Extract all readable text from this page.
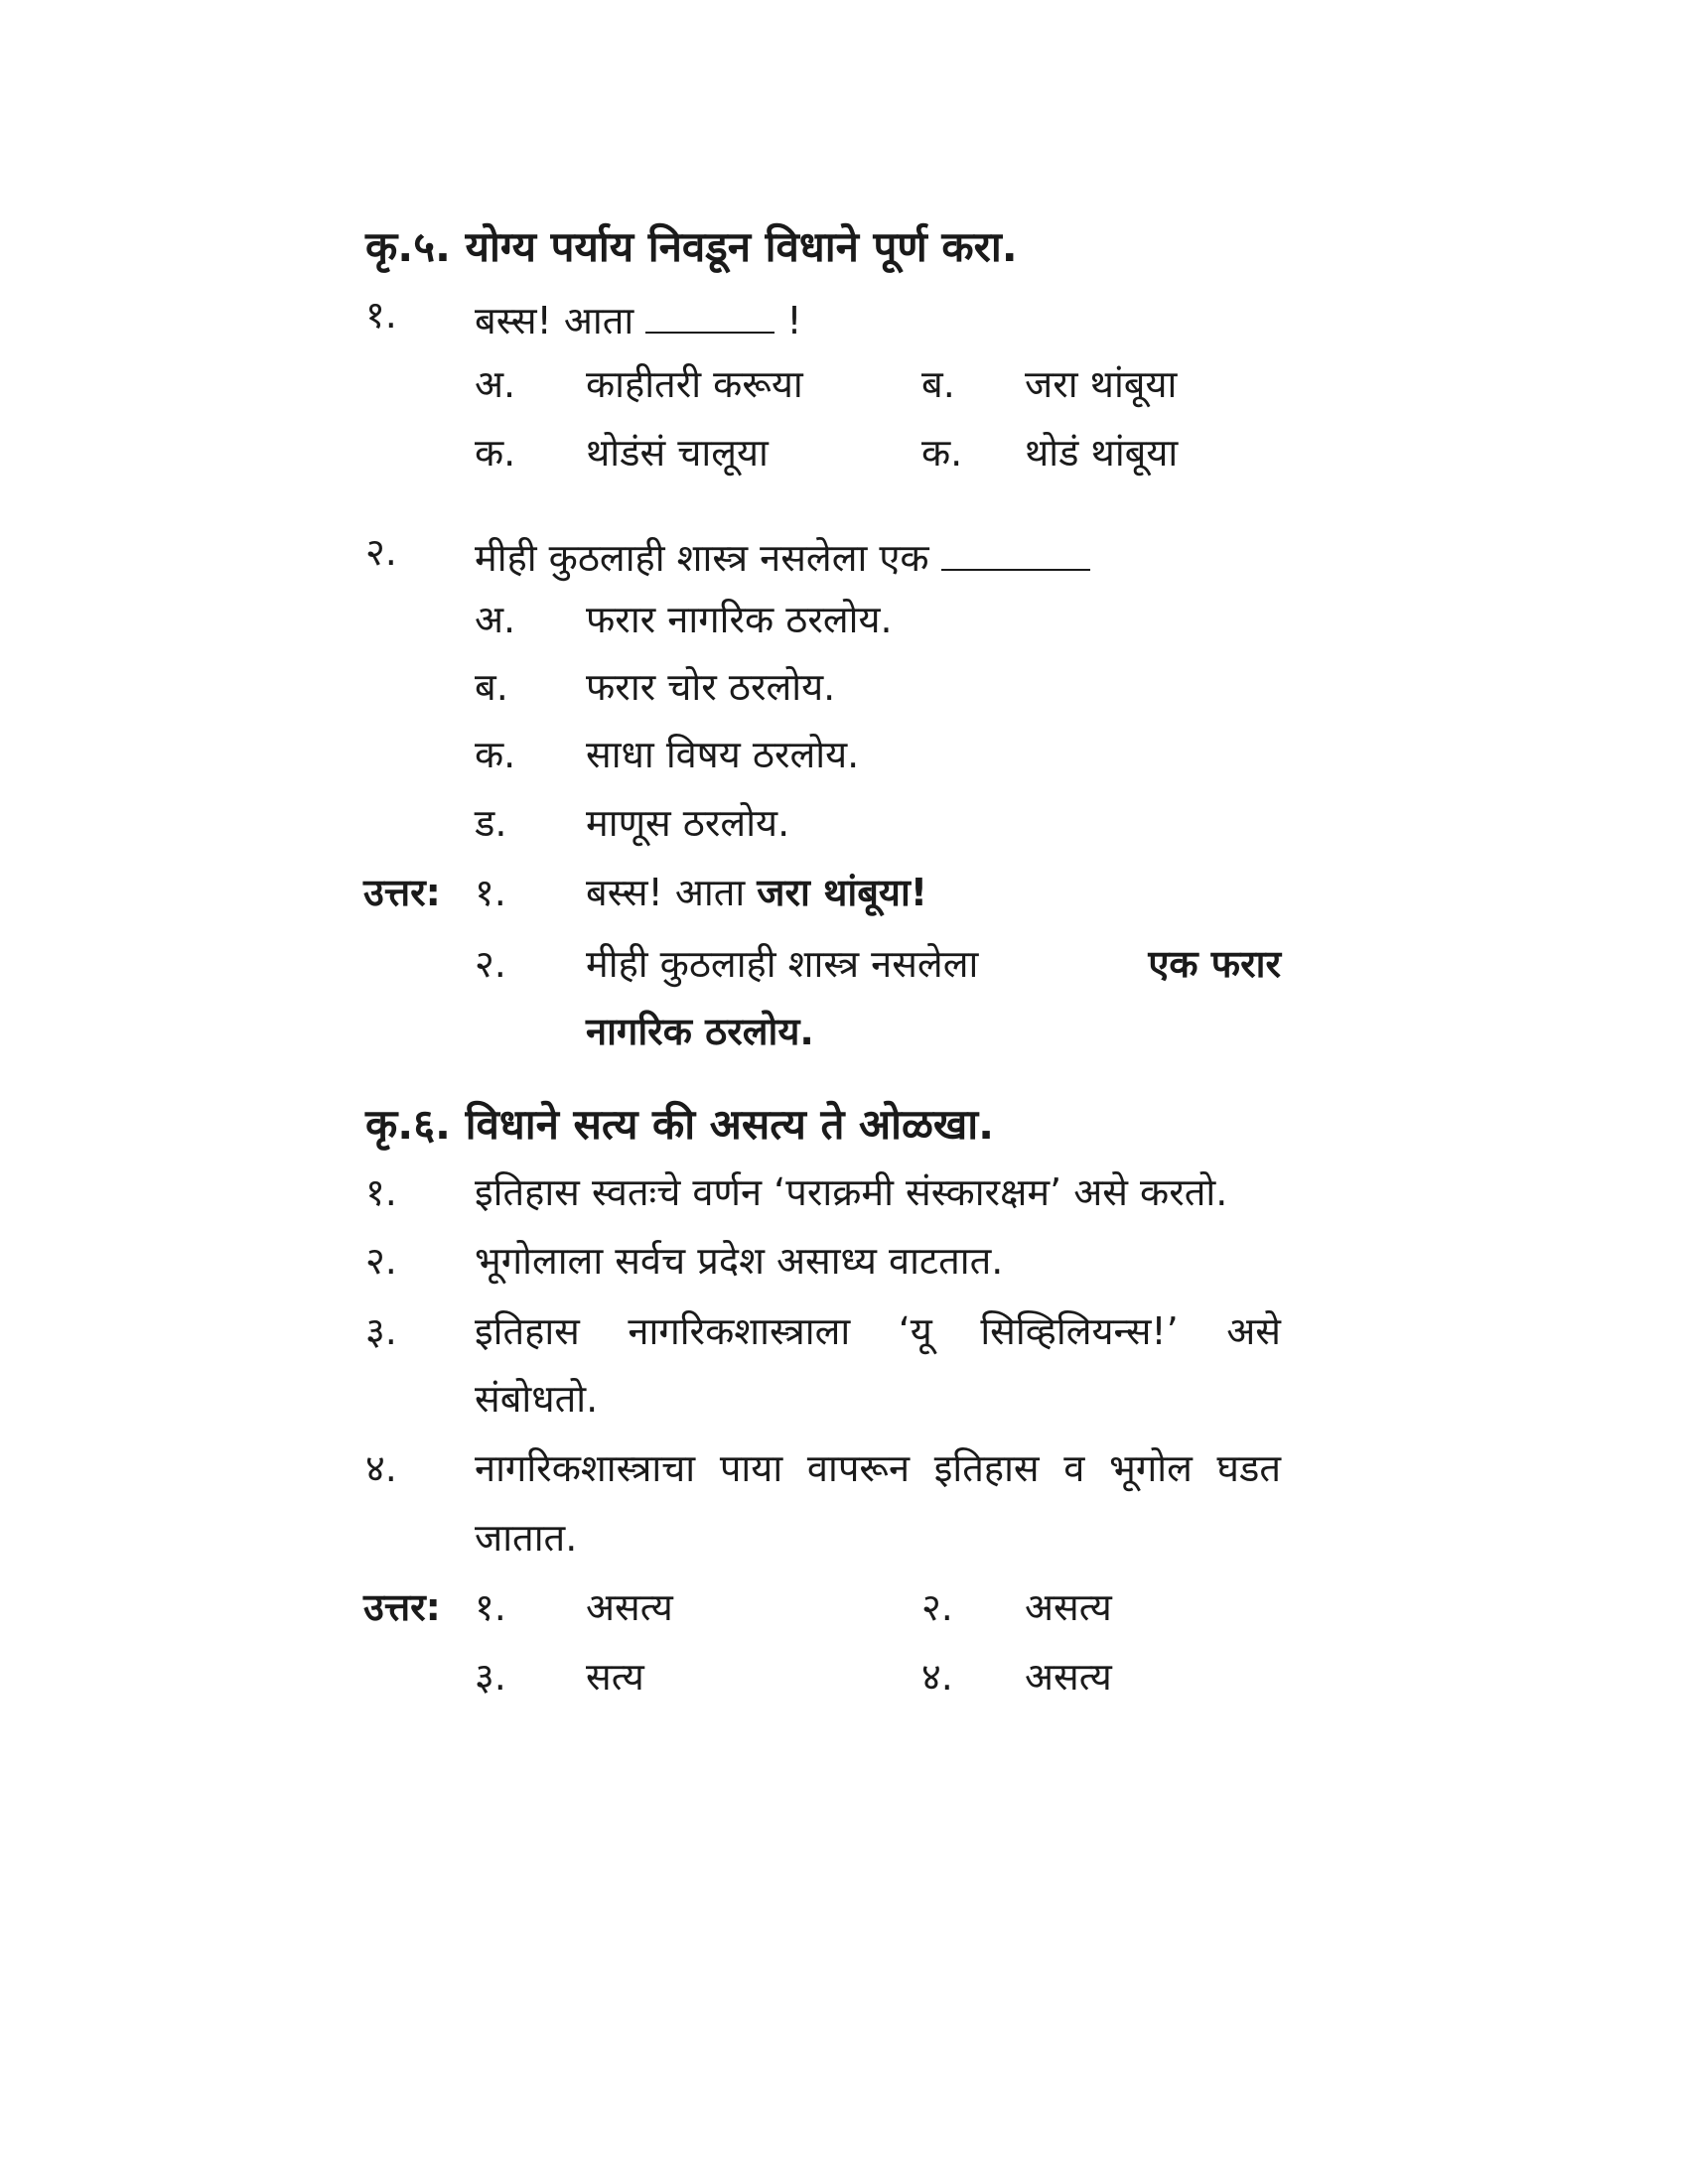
कृ.५. योग्य पर्याय निवडून विधाने पूर्ण करा.
१. बस्स! आता	!
अ. काहीतरी करूया	ब. जरा थांबूया
क. थोडंसं चालूया	क. थोडं थांबूया
२. मीही कुठलाही शास्त्र नसलेला एक
अ. फरार नागरिक ठरलोय.
ब. फरार चोर ठरलोय.
क. साधा विषय ठरलोय.
ड. माणूस ठरलोय.
उत्तर: १. बस्स! आता जरा थांबूया!
२. मीही कुठलाही शास्त्र नसलेला	एक फरार
नागरिक ठरलोय.
कृ.६. विधाने सत्य की असत्य ते ओळखा.
१. इतिहास स्वतःचे वर्णन ‘पराक्रमी संस्कारक्षम’ असे करतो.
२. भूगोलाला सर्वच प्रदेश असाध्य वाटतात.
३. इतिहास नागरिकशास्त्राला ‘यू सिव्हिलियन्स!’ असे
संबोधतो.
४. नागरिकशास्त्राचा पाया वापरून इतिहास व भूगोल घडत
जातात.
उत्तर: १. असत्य	२. असत्य
३. सत्य	४. असत्य
